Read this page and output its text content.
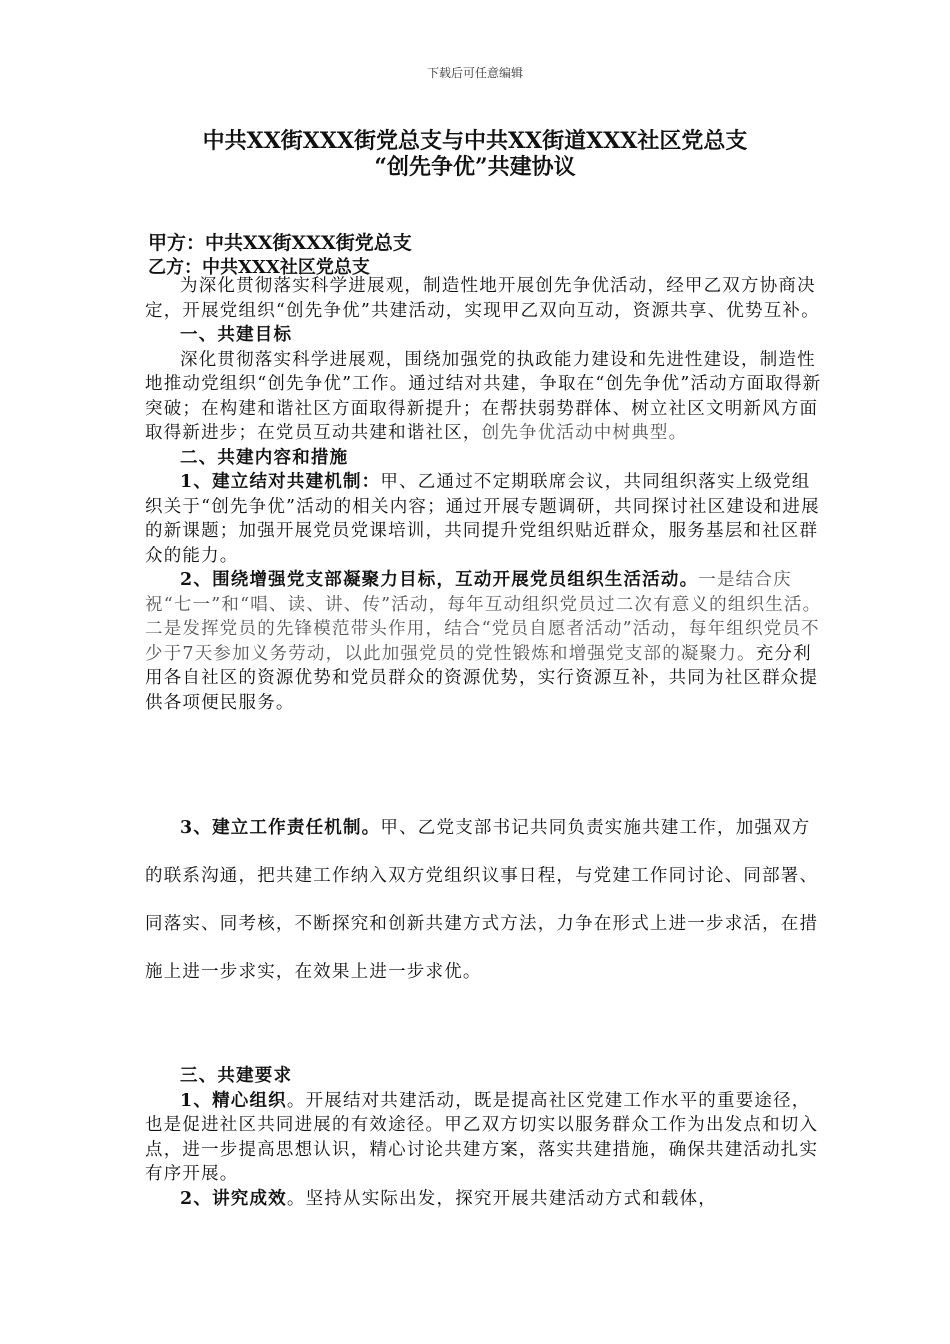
下载后可任意编辑
中共XX街XXX街党总支与中共XX街道XXX社区党总支
“创先争优”共建协议
甲方：中共XX街XXX街党总支
乙方：中共XXX社区党总支

为深化贯彻落实科学进展观，制造性地开展创先争优活动，经甲乙双方协商决定，开展党组织“创先争优”共建活动，实现甲乙双向互动，资源共享、优势互补。

一、共建目标

深化贯彻落实科学进展观，围绕加强党的执政能力建设和先进性建设，制造性地推动党组织“创先争优”工作。通过结对共建，争取在“创先争优”活动方面取得新突破；在构建和谐社区方面取得新提升；在帮扶弱势群体、树立社区文明新风方面取得新进步；在党员互动共建和谐社区，创先争优活动中树典型。

二、共建内容和措施

1、建立结对共建机制：甲、乙通过不定期联席会议，共同组织落实上级党组织关于“创先争优”活动的相关内容；通过开展专题调研，共同探讨社区建设和进展的新课题；加强开展党员党课培训，共同提升党组织贴近群众，服务基层和社区群众的能力。

2、围绕增强党支部凝聚力目标，互动开展党员组织生活活动。一是结合庆祝“七一”和“唱、读、讲、传”活动，每年互动组织党员过二次有意义的组织生活。二是发挥党员的先锋模范带头作用，结合“党员自愿者活动”活动，每年组织党员不少于7天参加义务劳动，以此加强党员的党性锻炼和增强党支部的凝聚力。充分利用各自社区的资源优势和党员群众的资源优势，实行资源互补，共同为社区群众提供各项便民服务。

3、建立工作责任机制。甲、乙党支部书记共同负责实施共建工作，加强双方的联系沟通，把共建工作纳入双方党组织议事日程，与党建工作同讨论、同部署、同落实、同考核，不断探究和创新共建方式方法，力争在形式上进一步求活，在措施上进一步求实，在效果上进一步求优。

三、共建要求

1、精心组织。开展结对共建活动，既是提高社区党建工作水平的重要途径，也是促进社区共同进展的有效途径。甲乙双方切实以服务群众工作为出发点和切入点，进一步提高思想认识，精心讨论共建方案，落实共建措施，确保共建活动扎实有序开展。

2、讲究成效。坚持从实际出发，探究开展共建活动方式和载体，
